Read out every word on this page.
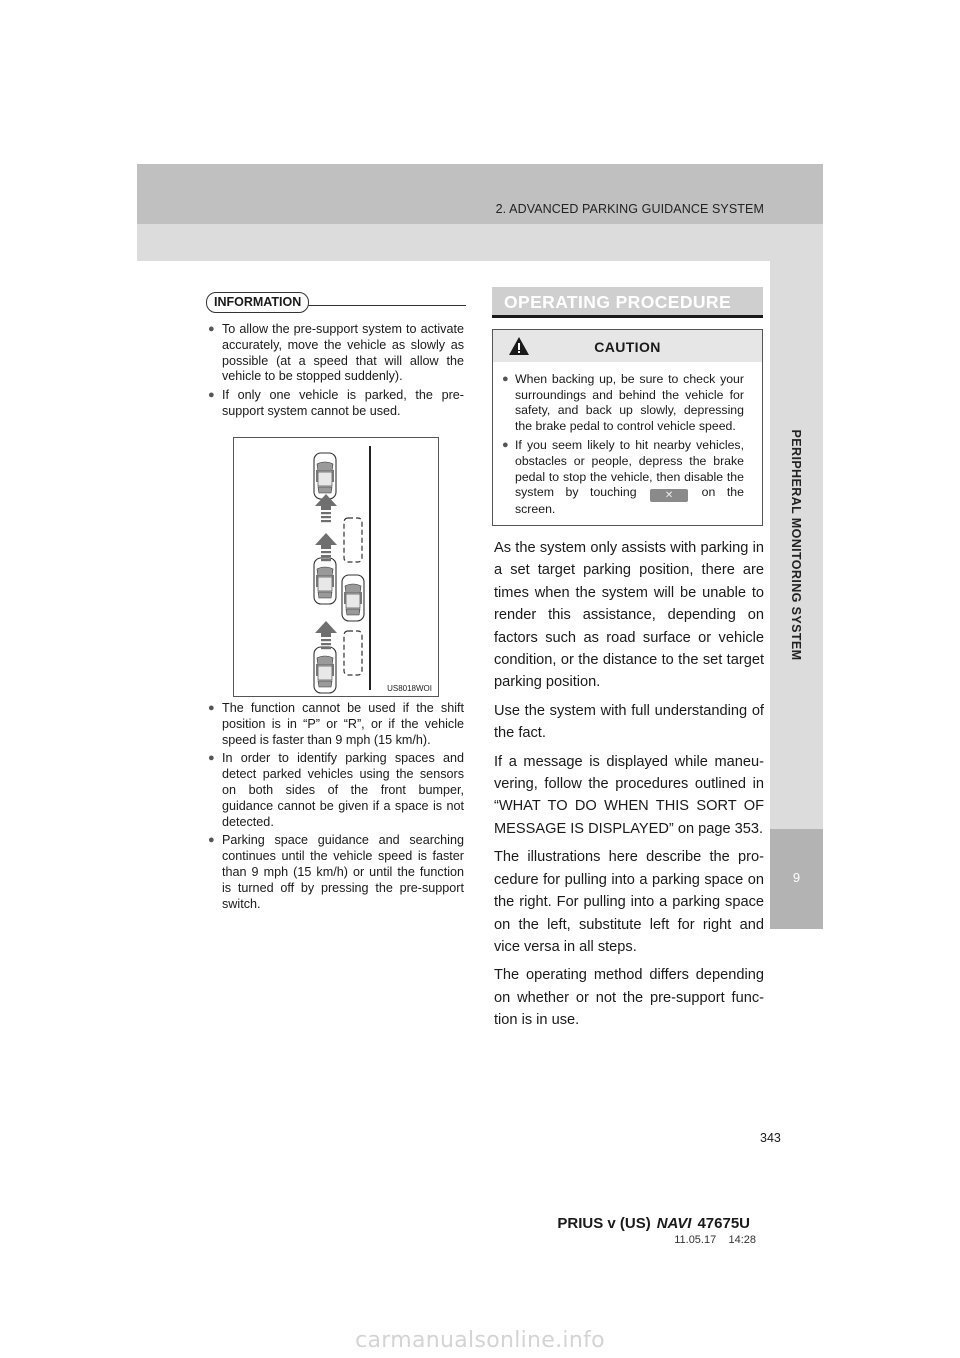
2. ADVANCED PARKING GUIDANCE SYSTEM
PERIPHERAL MONITORING SYSTEM
9
INFORMATION
● To allow the pre-support system to activate accurately, move the vehicle as slowly as possible (at a speed that will allow the vehicle to be stopped suddenly).
● If only one vehicle is parked, the pre-support system cannot be used.
US8018WOI
● The function cannot be used if the shift position is in “P” or “R”, or if the vehicle speed is faster than 9 mph (15 km/h).
● In order to identify parking spaces and detect parked vehicles using the sensors on both sides of the front bumper, guidance cannot be given if a space is not detected.
● Parking space guidance and searching continues until the vehicle speed is faster than 9 mph (15 km/h) or until the function is turned off by pressing the pre-support switch.
OPERATING PROCEDURE
CAUTION
● When backing up, be sure to check your surroundings and behind the vehicle for safety, and back up slowly, depressing the brake pedal to control vehicle speed.
● If you seem likely to hit nearby vehicles, obstacles or people, depress the brake pedal to stop the vehicle, then disable the system by touching	✕ on the screen.

As the system only assists with parking in a set target parking position, there are times when the system will be unable to render this assistance, depending on factors such as road surface or vehicle condition, or the distance to the set target parking position.

Use the system with full understanding of the fact.

If a message is displayed while maneuvering, follow the procedures outlined in “WHAT TO DO WHEN THIS SORT OF MESSAGE IS DISPLAYED” on page 353.

The illustrations here describe the procedure for pulling into a parking space on the right. For pulling into a parking space on the left, substitute left for right and vice versa in all steps.

The operating method differs depending on whether or not the pre-support function is in use.

343
PRIUS v (US) NAVI 47675U
11.05.17 14:28
carmanualsonline.info
